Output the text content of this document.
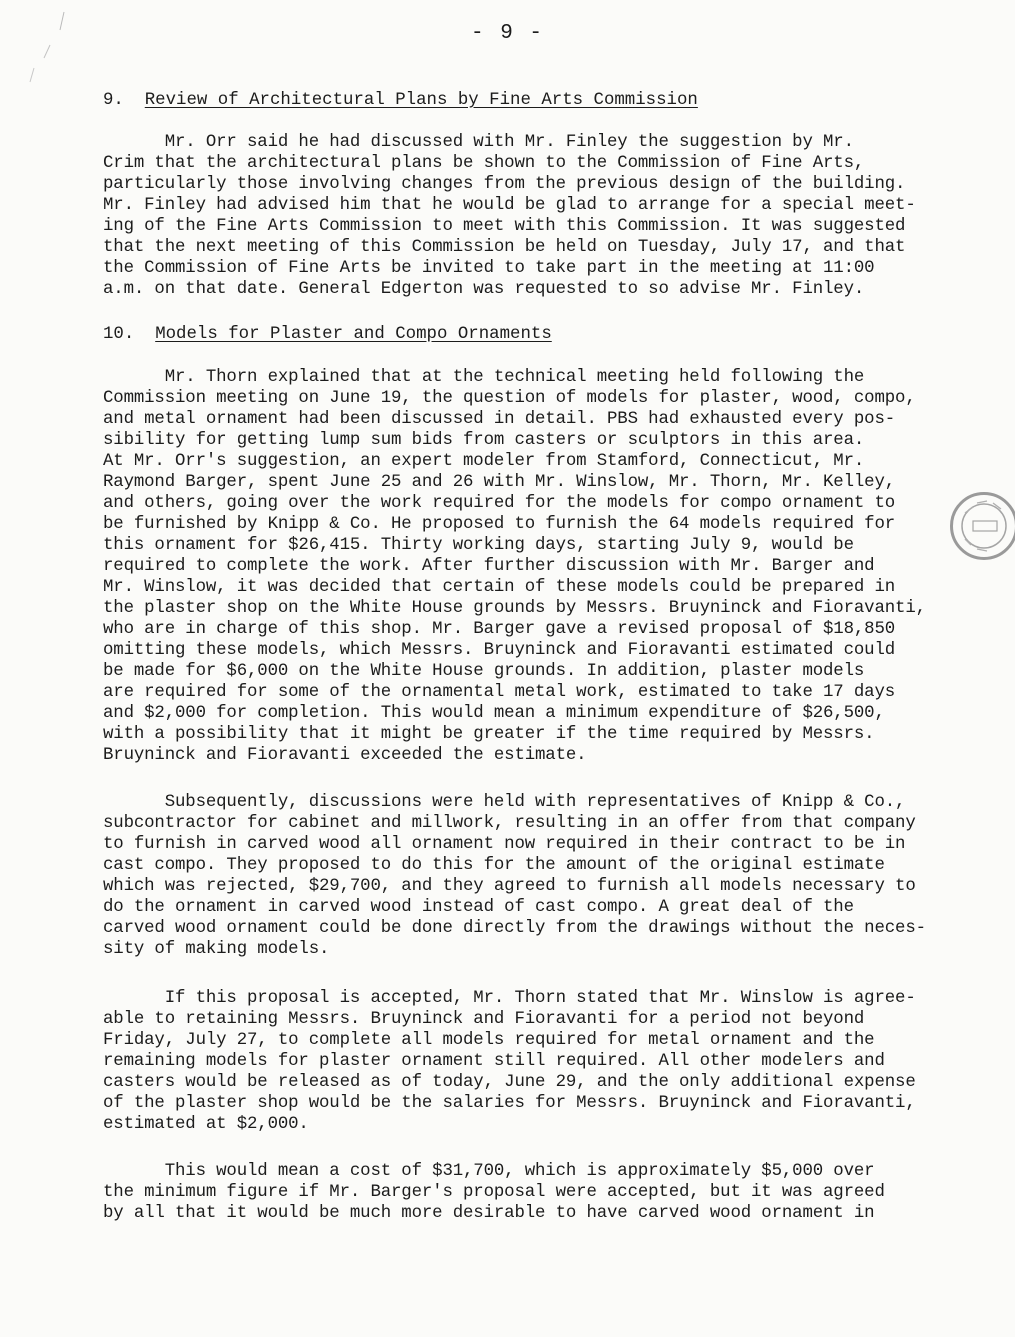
- 9 -
9. Review of Architectural Plans by Fine Arts Commission
Mr. Orr said he had discussed with Mr. Finley the suggestion by Mr.
Crim that the architectural plans be shown to the Commission of Fine Arts,
particularly those involving changes from the previous design of the building.
Mr. Finley had advised him that he would be glad to arrange for a special meet-
ing of the Fine Arts Commission to meet with this Commission. It was suggested
that the next meeting of this Commission be held on Tuesday, July 17, and that
the Commission of Fine Arts be invited to take part in the meeting at 11:00
a.m. on that date. General Edgerton was requested to so advise Mr. Finley.
10. Models for Plaster and Compo Ornaments
Mr. Thorn explained that at the technical meeting held following the
Commission meeting on June 19, the question of models for plaster, wood, compo,
and metal ornament had been discussed in detail. PBS had exhausted every pos-
sibility for getting lump sum bids from casters or sculptors in this area.
At Mr. Orr's suggestion, an expert modeler from Stamford, Connecticut, Mr.
Raymond Barger, spent June 25 and 26 with Mr. Winslow, Mr. Thorn, Mr. Kelley,
and others, going over the work required for the models for compo ornament to
be furnished by Knipp & Co. He proposed to furnish the 64 models required for
this ornament for $26,415. Thirty working days, starting July 9, would be
required to complete the work. After further discussion with Mr. Barger and
Mr. Winslow, it was decided that certain of these models could be prepared in
the plaster shop on the White House grounds by Messrs. Bruyninck and Fioravanti,
who are in charge of this shop. Mr. Barger gave a revised proposal of $18,850
omitting these models, which Messrs. Bruyninck and Fioravanti estimated could
be made for $6,000 on the White House grounds. In addition, plaster models
are required for some of the ornamental metal work, estimated to take 17 days
and $2,000 for completion. This would mean a minimum expenditure of $26,500,
with a possibility that it might be greater if the time required by Messrs.
Bruyninck and Fioravanti exceeded the estimate.
Subsequently, discussions were held with representatives of Knipp & Co.,
subcontractor for cabinet and millwork, resulting in an offer from that company
to furnish in carved wood all ornament now required in their contract to be in
cast compo. They proposed to do this for the amount of the original estimate
which was rejected, $29,700, and they agreed to furnish all models necessary to
do the ornament in carved wood instead of cast compo. A great deal of the
carved wood ornament could be done directly from the drawings without the neces-
sity of making models.
If this proposal is accepted, Mr. Thorn stated that Mr. Winslow is agree-
able to retaining Messrs. Bruyninck and Fioravanti for a period not beyond
Friday, July 27, to complete all models required for metal ornament and the
remaining models for plaster ornament still required. All other modelers and
casters would be released as of today, June 29, and the only additional expense
of the plaster shop would be the salaries for Messrs. Bruyninck and Fioravanti,
estimated at $2,000.
This would mean a cost of $31,700, which is approximately $5,000 over
the minimum figure if Mr. Barger's proposal were accepted, but it was agreed
by all that it would be much more desirable to have carved wood ornament in
